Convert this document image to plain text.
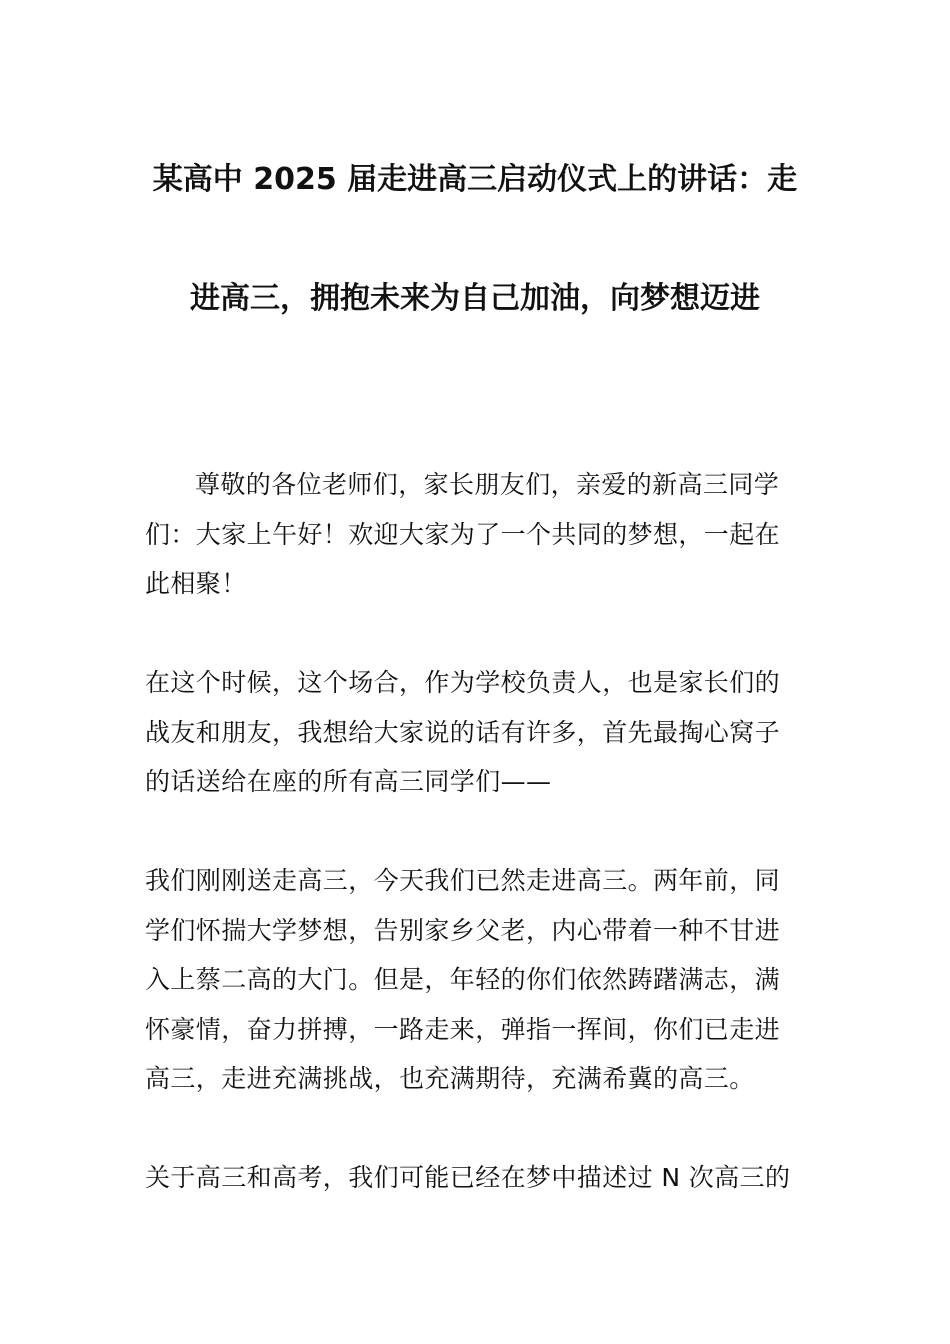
某高中 2025 届走进高三启动仪式上的讲话：走
进高三，拥抱未来为自己加油，向梦想迈进
尊敬的各位老师们，家长朋友们，亲爱的新高三同学
们：大家上午好！欢迎大家为了一个共同的梦想，一起在
此相聚！
在这个时候，这个场合，作为学校负责人，也是家长们的
战友和朋友，我想给大家说的话有许多，首先最掏心窝子
的话送给在座的所有高三同学们——
我们刚刚送走高三，今天我们已然走进高三。两年前，同
学们怀揣大学梦想，告别家乡父老，内心带着一种不甘进
入上蔡二高的大门。但是，年轻的你们依然踌躇满志，满
怀豪情，奋力拼搏，一路走来，弹指一挥间，你们已走进
高三，走进充满挑战，也充满期待，充满希冀的高三。
关于高三和高考，我们可能已经在梦中描述过 N 次高三的
